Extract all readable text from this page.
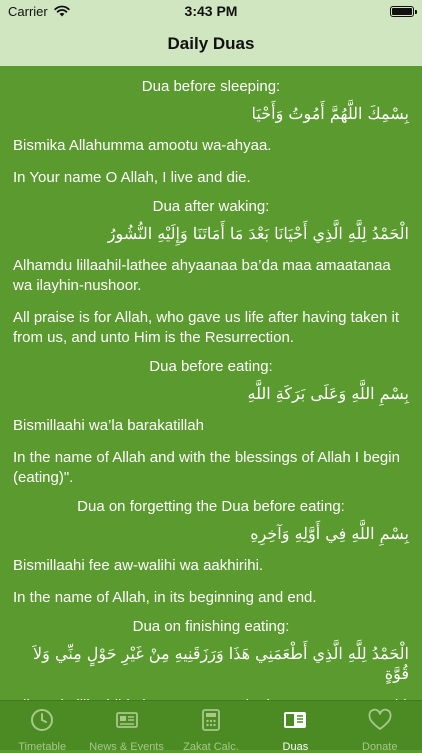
Carrier	3:43 PM
Daily Duas
Dua before sleeping:
بِسْمِكَ اللَّهُمَّ أَمُوتُ وَأَحْيَا
Bismika Allahumma amootu wa-ahyaa.
In Your name O Allah, I live and die.
Dua after waking:
الْحَمْدُ لِلَّهِ الَّذِي أَحْيَانَا بَعْدَ مَا أَمَاتَنَا وَإِلَيْهِ النُّشُورُ
Alhamdu lillaahil-lathee ahyaanaa ba’da maa amaatanaa wa ilayhin-nushoor.
All praise is for Allah, who gave us life after having taken it from us, and unto Him is the Resurrection.
Dua before eating:
بِسْمِ اللَّهِ وَعَلَى بَرَكَةِ اللَّهِ
Bismillaahi wa’la barakatillah
In the name of Allah and with the blessings of Allah I begin (eating)".
Dua on forgetting the Dua before eating:
بِسْمِ اللَّهِ فِي أَوَّلِهِ وَآخِرِهِ
Bismillaahi fee aw-walihi wa aakhirihi.
In the name of Allah, in its beginning and end.
Dua on finishing eating:
الْحَمْدُ لِلَّهِ الَّذِي أَطْعَمَنِي هَذَا وَرَزَقَنِيهِ مِنْ غَيْرِ حَوْلٍ مِنِّي وَلاَ قُوَّةٍ
Timetable News & Events Zakat Calc.	Duas	Donate
